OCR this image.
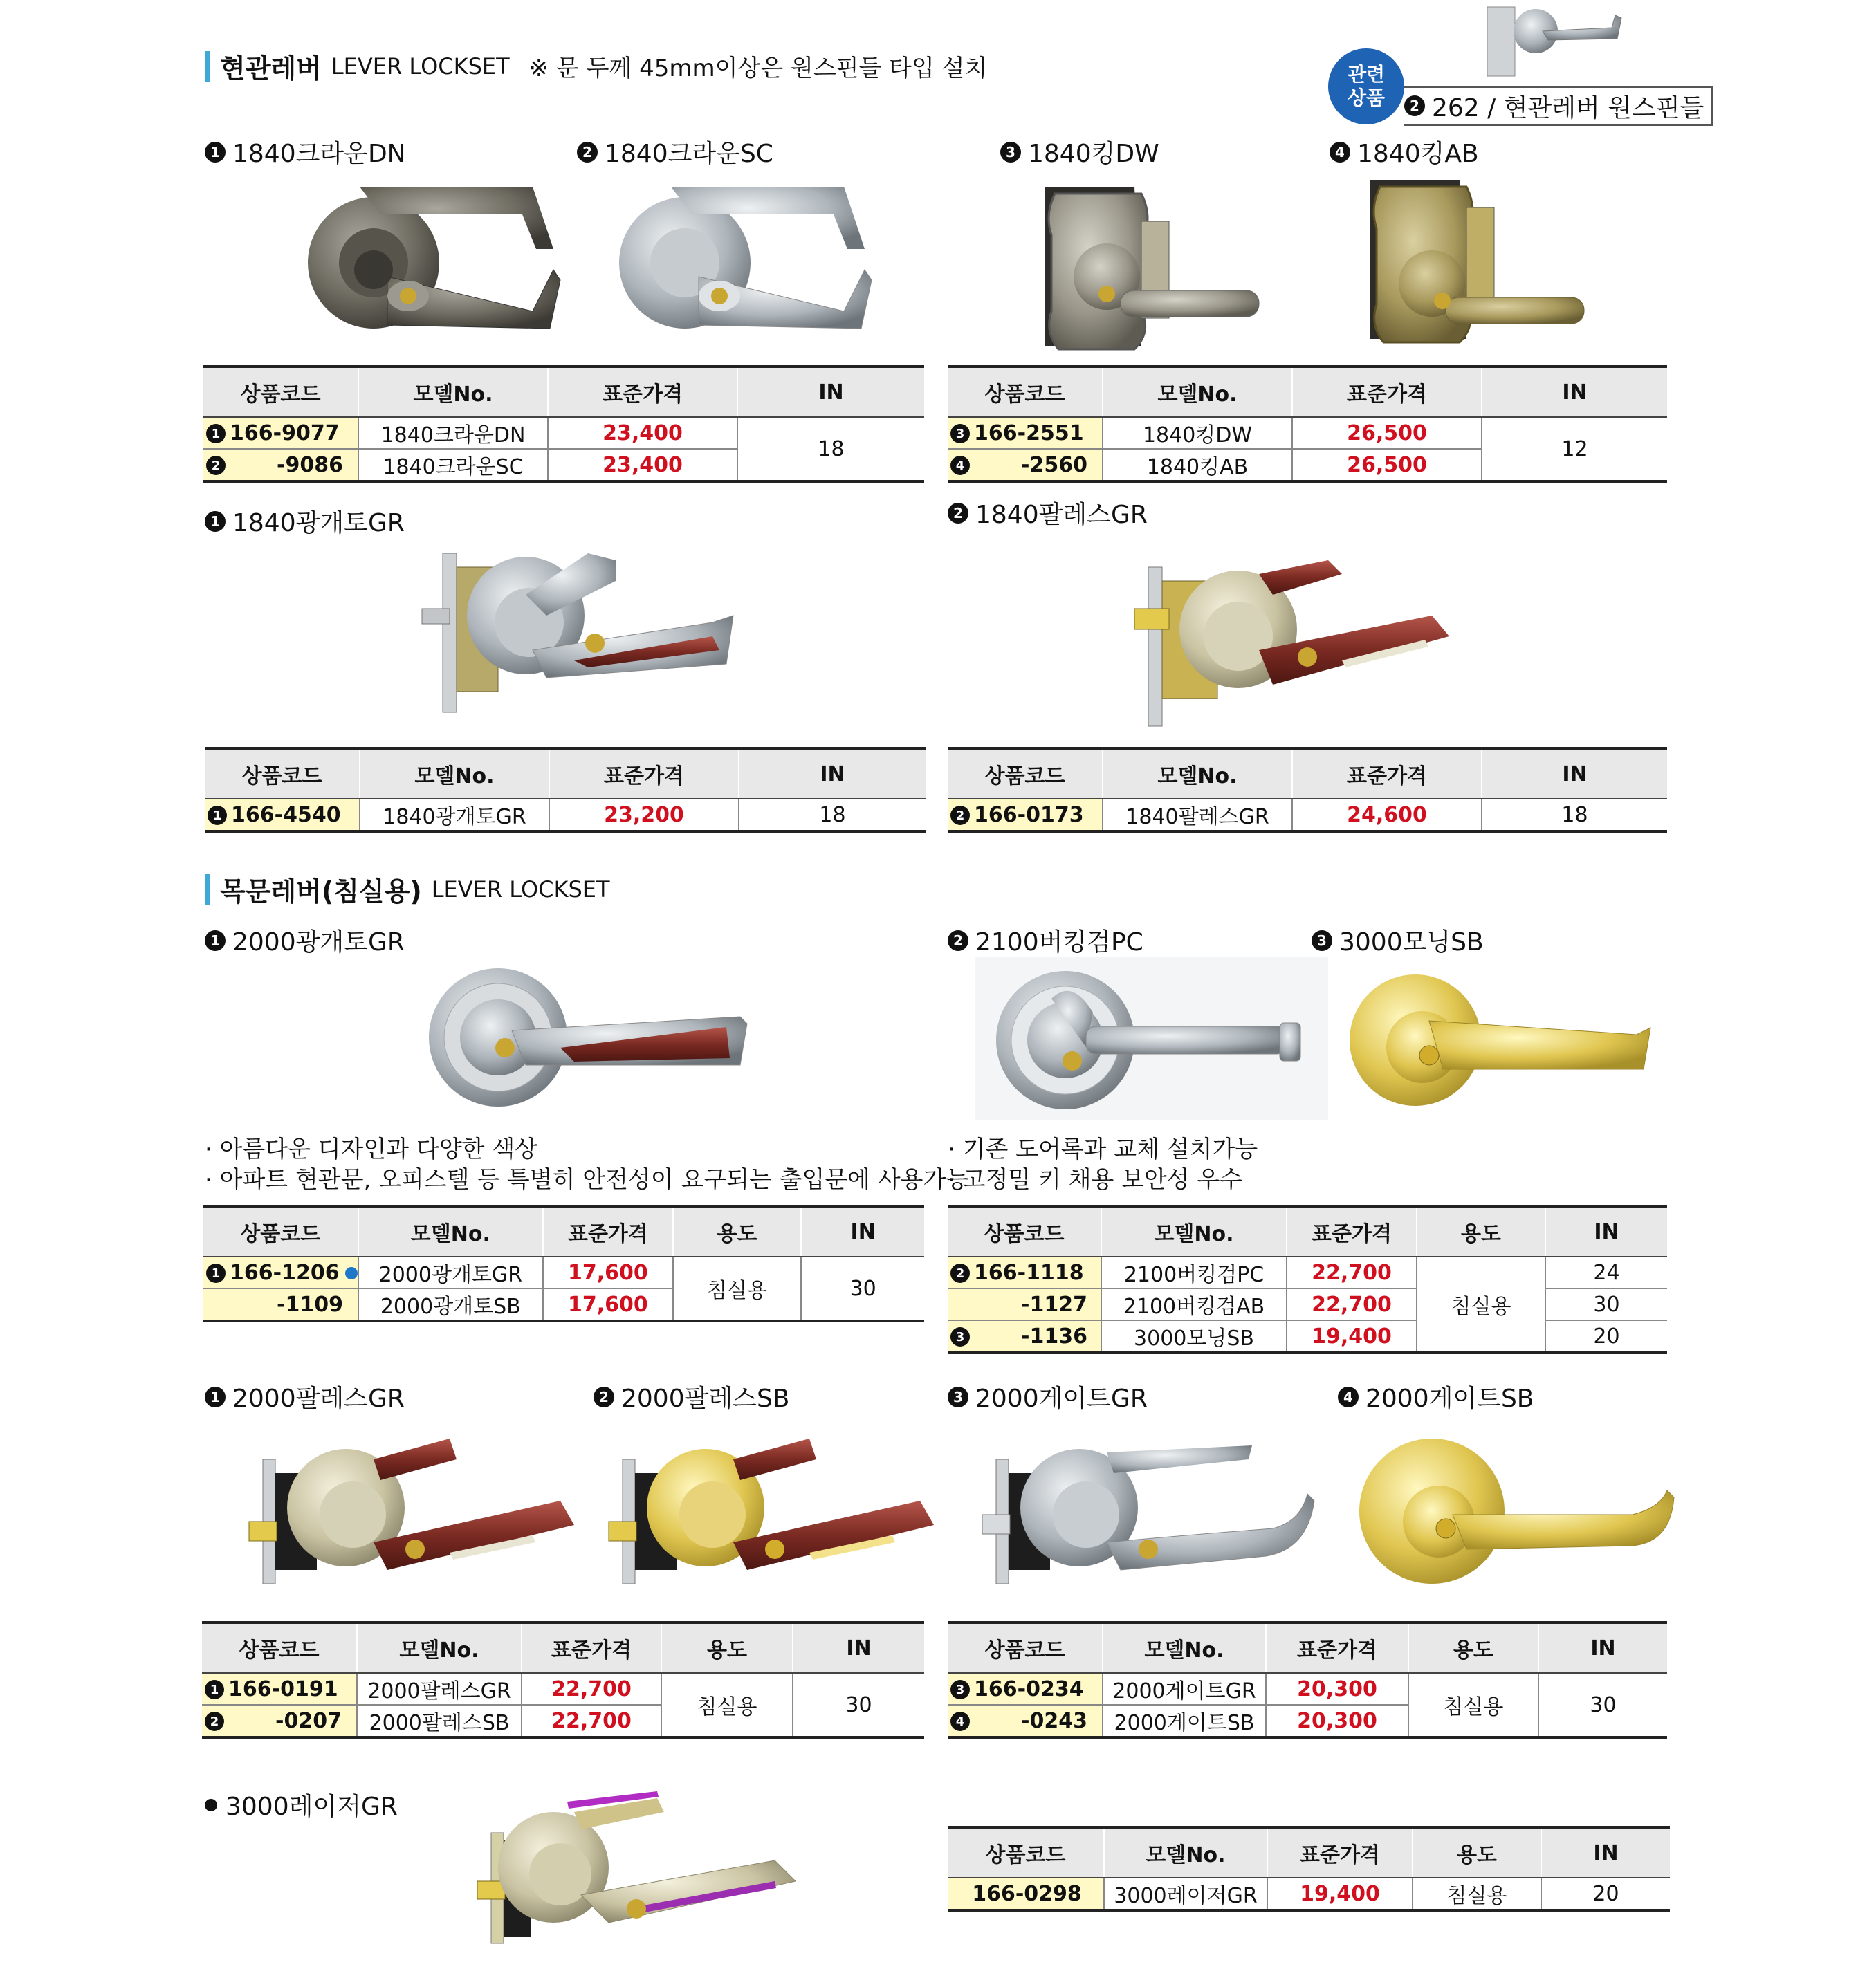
현관레버 LEVER LOCKSET ※ 문 두께 45mm이상은 원스핀들 타입 설치	관련
상품	2 262 / 현관레버 원스핀들
1 1840크라운DN	2 1840크라운SC	3 1840킹DW	4 1840킹AB
상품코드	모델No.	표준가격	IN
1 166-9077	1840크라운DN	23,400	18
2 -9086	1840크라운SC	23,400	
상품코드	모델No.	표준가격	IN
3 166-2551	1840킹DW	26,500	12
4 -2560	1840킹AB	26,500	
1 1840광개토GR	2 1840팔레스GR
상품코드	모델No.	표준가격	IN
1 166-4540	1840광개토GR	23,200	18
상품코드	모델No.	표준가격	IN
2 166-0173	1840팔레스GR	24,600	18
목문레버(침실용) LEVER LOCKSET
1 2000광개토GR	2 2100버킹검PC	3 3000모닝SB
· 아름다운 디자인과 다양한 색상
· 아파트 현관문, 오피스텔 등 특별히 안전성이 요구되는 출입문에 사용가능
· 기존 도어록과 교체 설치가능
· 고정밀 키 채용 보안성 우수
상품코드	모델No.	표준가격	용도	IN
1 166-1206	2000광개토GR	17,600	침실용	30
-1109	2000광개토SB	17,600		
상품코드	모델No.	표준가격	용도	IN
2 166-1118	2100버킹검PC	22,700	침실용	24
-1127	2100버킹검AB	22,700		30
3 -1136	3000모닝SB	19,400		20
1 2000팔레스GR	2 2000팔레스SB	3 2000게이트GR	4 2000게이트SB
상품코드	모델No.	표준가격	용도	IN
1 166-0191	2000팔레스GR	22,700	침실용	30
2 -0207	2000팔레스SB	22,700		
상품코드	모델No.	표준가격	용도	IN
3 166-0234	2000게이트GR	20,300	침실용	30
4 -0243	2000게이트SB	20,300		
3000레이저GR
상품코드	모델No.	표준가격	용도	IN
166-0298	3000레이저GR	19,400	침실용	20
